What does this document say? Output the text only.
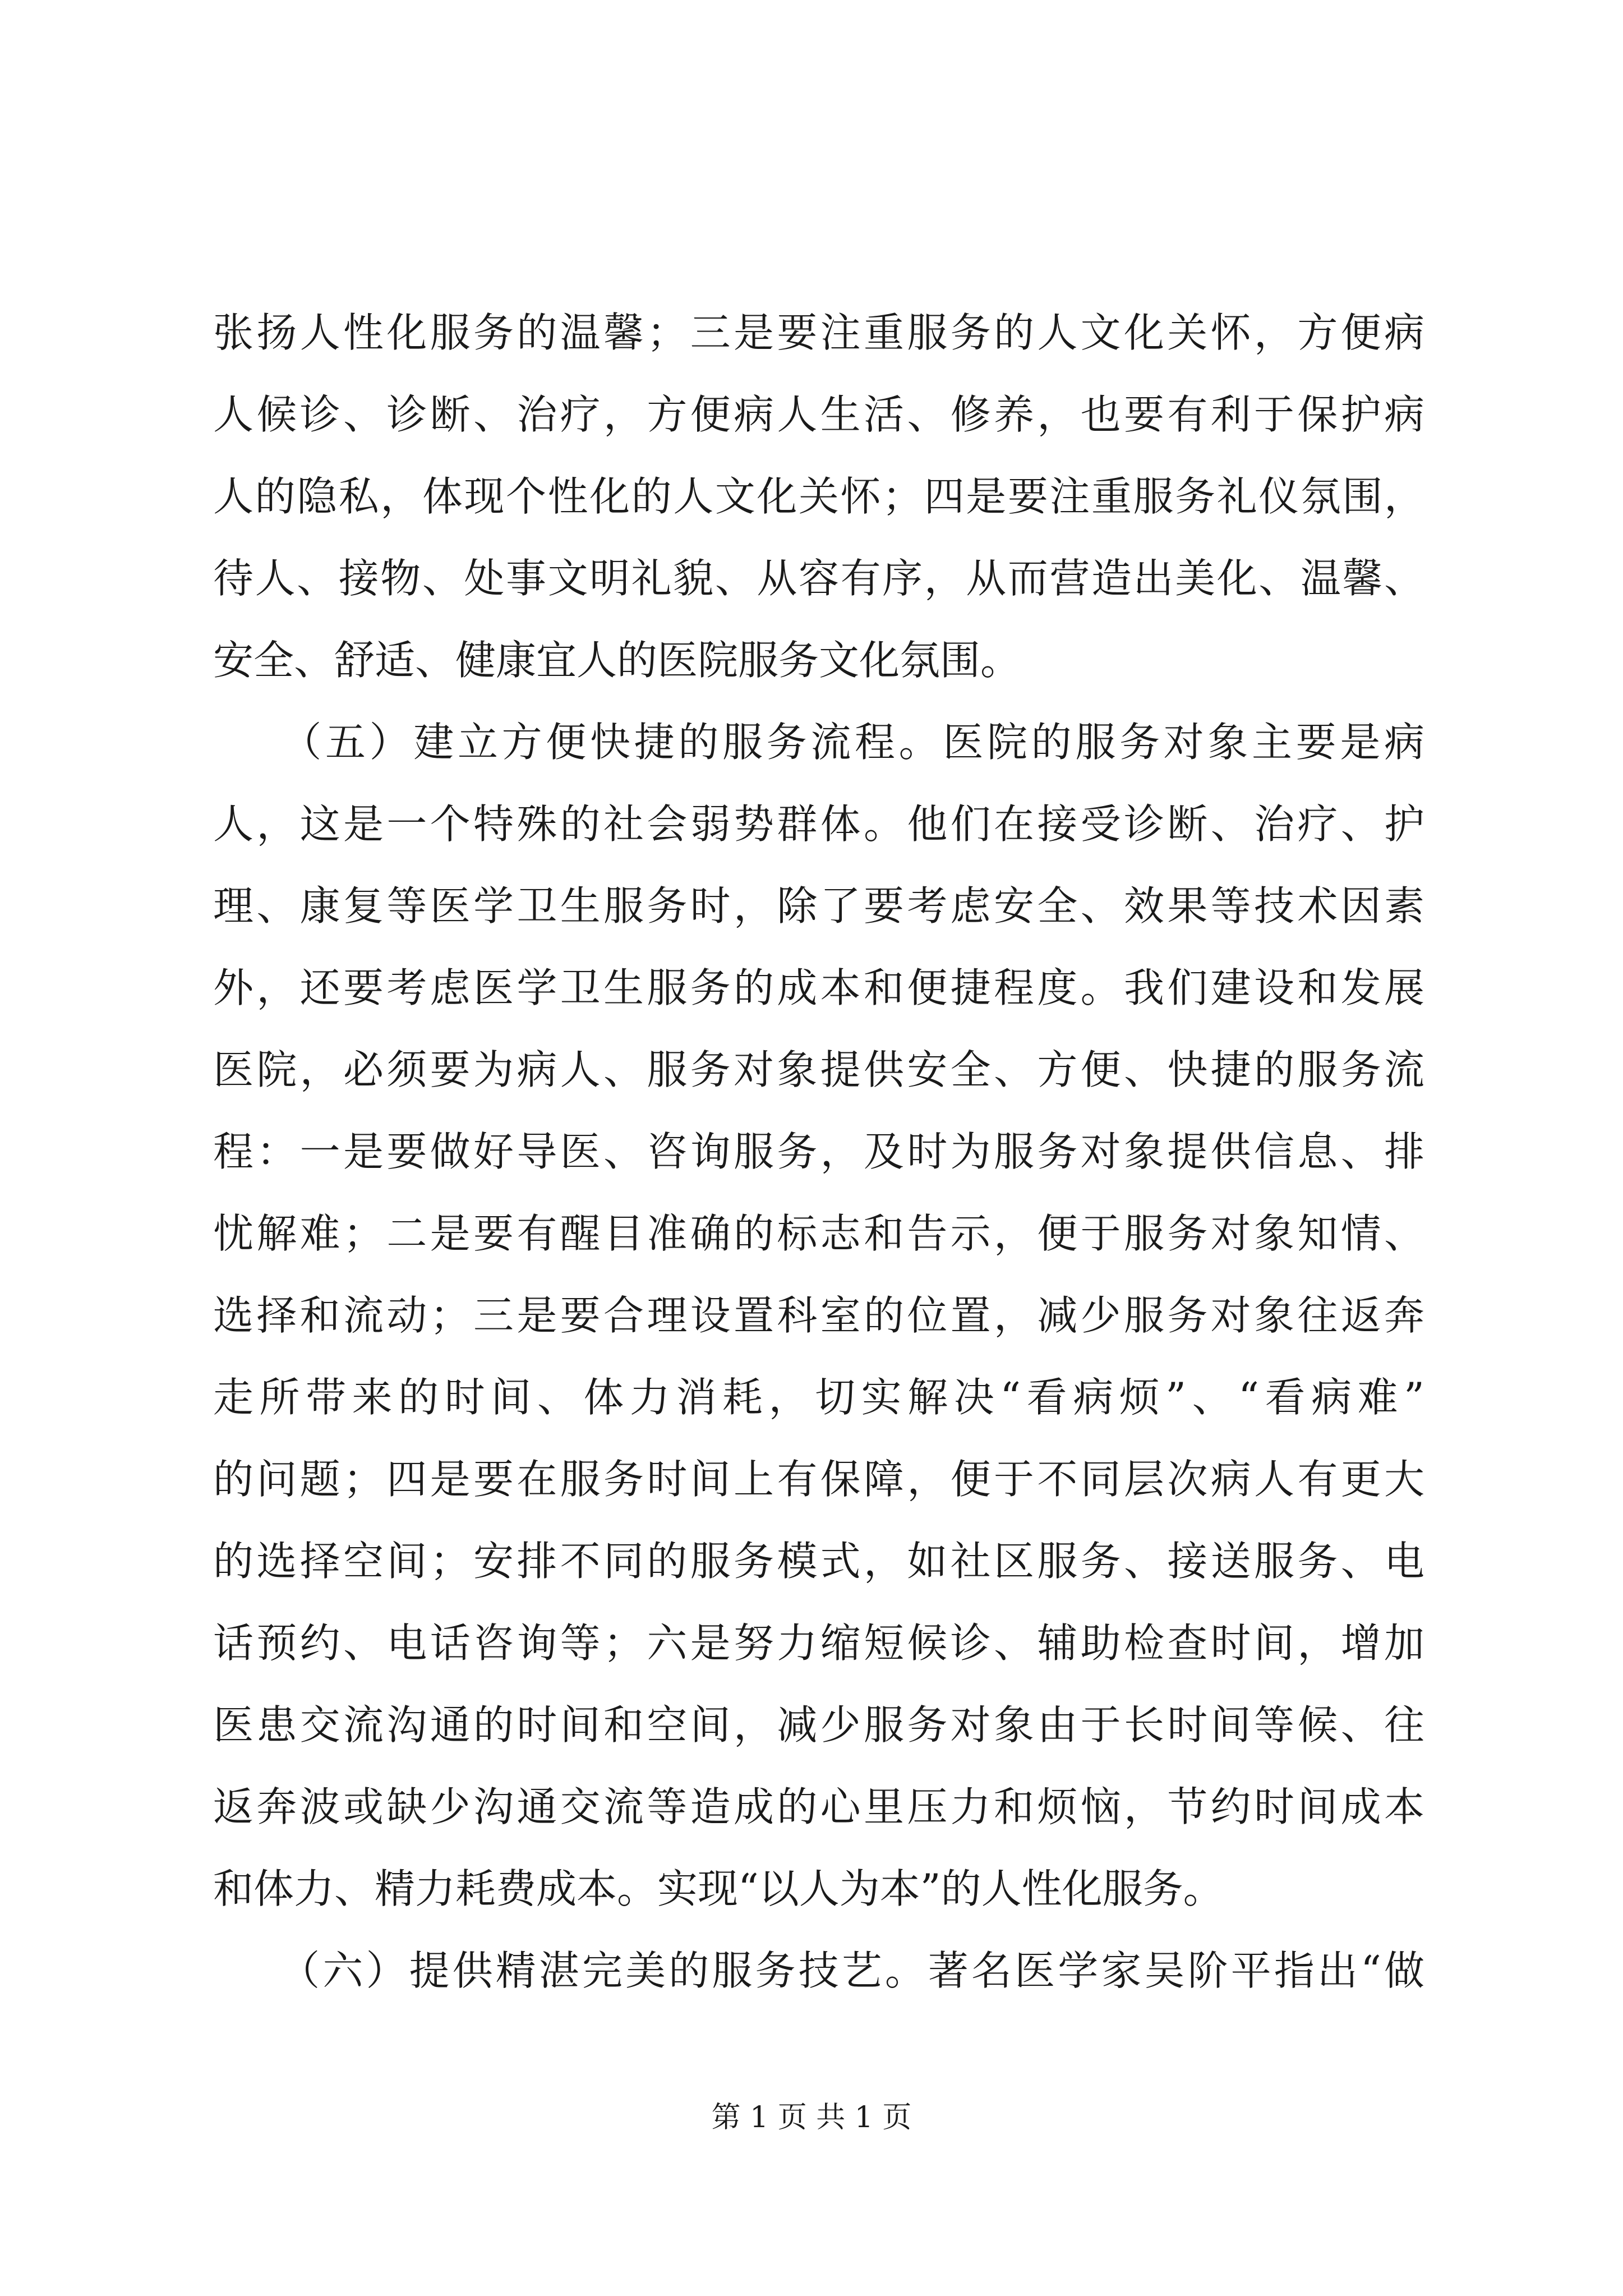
张扬人性化服务的温馨；三是要注重服务的人文化关怀，方便病
人候诊、诊断、治疗，方便病人生活、修养，也要有利于保护病
人的隐私，体现个性化的人文化关怀；四是要注重服务礼仪氛围，
待人、接物、处事文明礼貌、从容有序，从而营造出美化、温馨、
安全、舒适、健康宜人的医院服务文化氛围。
　　（五）建立方便快捷的服务流程。医院的服务对象主要是病
人，这是一个特殊的社会弱势群体。他们在接受诊断、治疗、护
理、康复等医学卫生服务时，除了要考虑安全、效果等技术因素
外，还要考虑医学卫生服务的成本和便捷程度。我们建设和发展
医院，必须要为病人、服务对象提供安全、方便、快捷的服务流
程：一是要做好导医、咨询服务，及时为服务对象提供信息、排
忧解难；二是要有醒目准确的标志和告示，便于服务对象知情、
选择和流动；三是要合理设置科室的位置，减少服务对象往返奔
走所带来的时间、体力消耗，切实解决“看病烦”、“看病难”
的问题；四是要在服务时间上有保障，便于不同层次病人有更大
的选择空间；安排不同的服务模式，如社区服务、接送服务、电
话预约、电话咨询等；六是努力缩短候诊、辅助检查时间，增加
医患交流沟通的时间和空间，减少服务对象由于长时间等候、往
返奔波或缺少沟通交流等造成的心里压力和烦恼，节约时间成本
和体力、精力耗费成本。实现“以人为本”的人性化服务。
　　（六）提供精湛完美的服务技艺。著名医学家吴阶平指出“做
第 1 页 共 1 页
